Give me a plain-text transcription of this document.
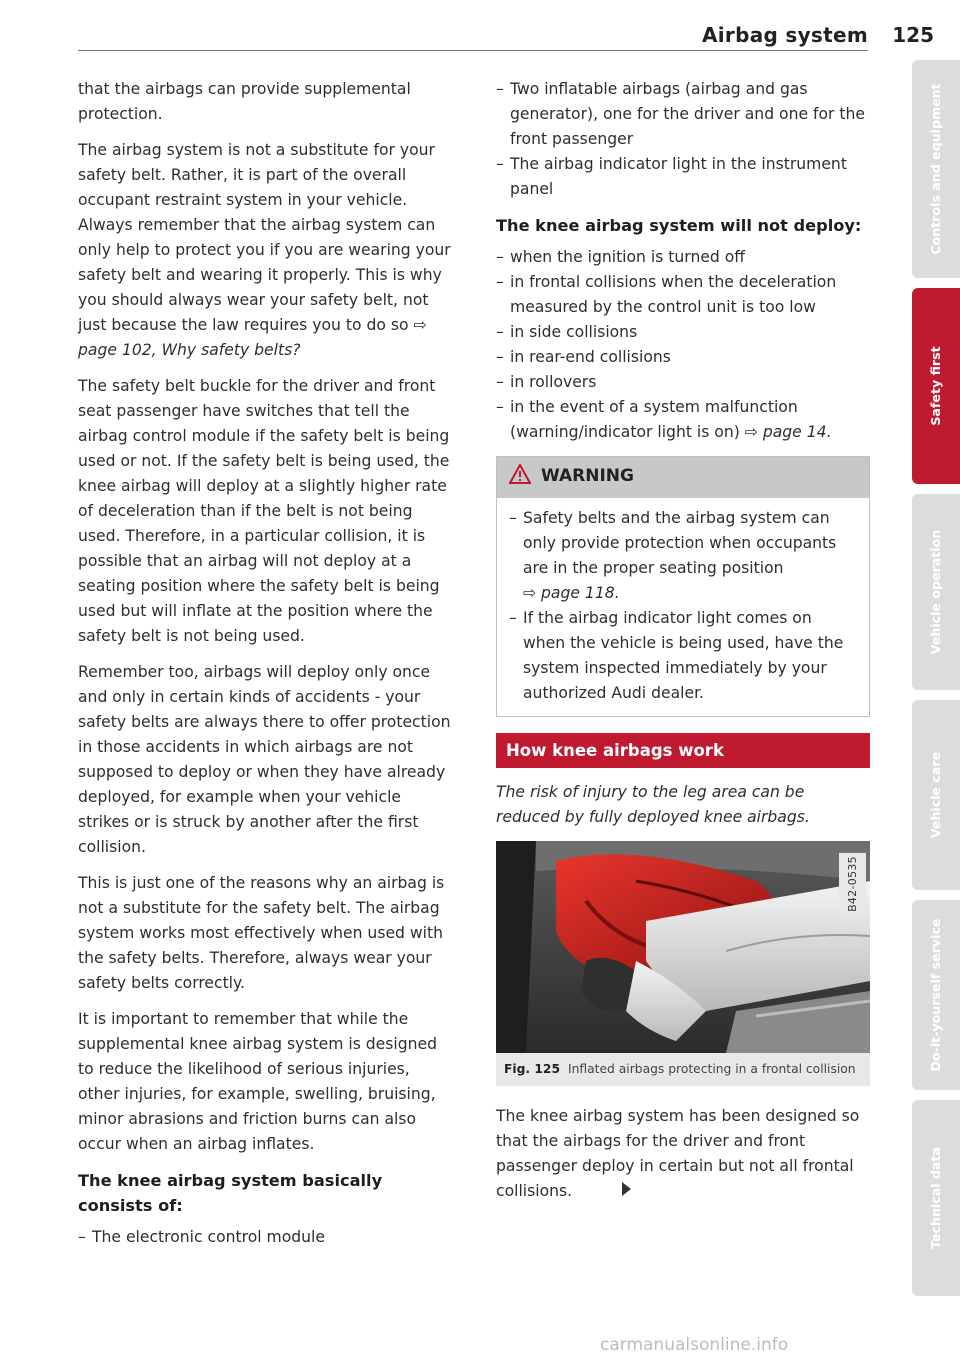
Airbag system 125

that the airbags can provide supplemental protection.

The airbag system is not a substitute for your safety belt. Rather, it is part of the overall occupant restraint system in your vehicle. Always remember that the airbag system can only help to protect you if you are wearing your safety belt and wearing it properly. This is why you should always wear your safety belt, not just because the law requires you to do so ⇨ page 102, Why safety belts?

The safety belt buckle for the driver and front seat passenger have switches that tell the airbag control module if the safety belt is being used or not. If the safety belt is being used, the knee airbag will deploy at a slightly higher rate of deceleration than if the belt is not being used. Therefore, in a particular collision, it is possible that an airbag will not deploy at a seating position where the safety belt is being used but will inflate at the position where the safety belt is not being used.

Remember too, airbags will deploy only once and only in certain kinds of accidents - your safety belts are always there to offer protection in those accidents in which airbags are not supposed to deploy or when they have already deployed, for example when your vehicle strikes or is struck by another after the first collision.

This is just one of the reasons why an airbag is not a substitute for the safety belt. The airbag system works most effectively when used with the safety belts. Therefore, always wear your safety belts correctly.

It is important to remember that while the supplemental knee airbag system is designed to reduce the likelihood of serious injuries, other injuries, for example, swelling, bruising, minor abrasions and friction burns can also occur when an airbag inflates.

The knee airbag system basically consists of:
– The electronic control module
– Two inflatable airbags (airbag and gas generator), one for the driver and one for the front passenger
– The airbag indicator light in the instrument panel
The knee airbag system will not deploy:
– when the ignition is turned off
– in frontal collisions when the deceleration measured by the control unit is too low
– in side collisions
– in rear-end collisions
– in rollovers
– in the event of a system malfunction (warning/indicator light is on) ⇨ page 14.
WARNING
– Safety belts and the airbag system can only provide protection when occupants are in the proper seating position
⇨ page 118.
– If the airbag indicator light comes on when the vehicle is being used, have the system inspected immediately by your authorized Audi dealer.
How knee airbags work

The risk of injury to the leg area can be reduced by fully deployed knee airbags.

B42-0535
Fig. 125 Inflated airbags protecting in a frontal collision

The knee airbag system has been designed so that the airbags for the driver and front passenger deploy in certain but not all frontal collisions.

Controls and equipment
Safety first
Vehicle operation
Vehicle care
Do-it-yourself service
Technical data
carmanualsonline.info
